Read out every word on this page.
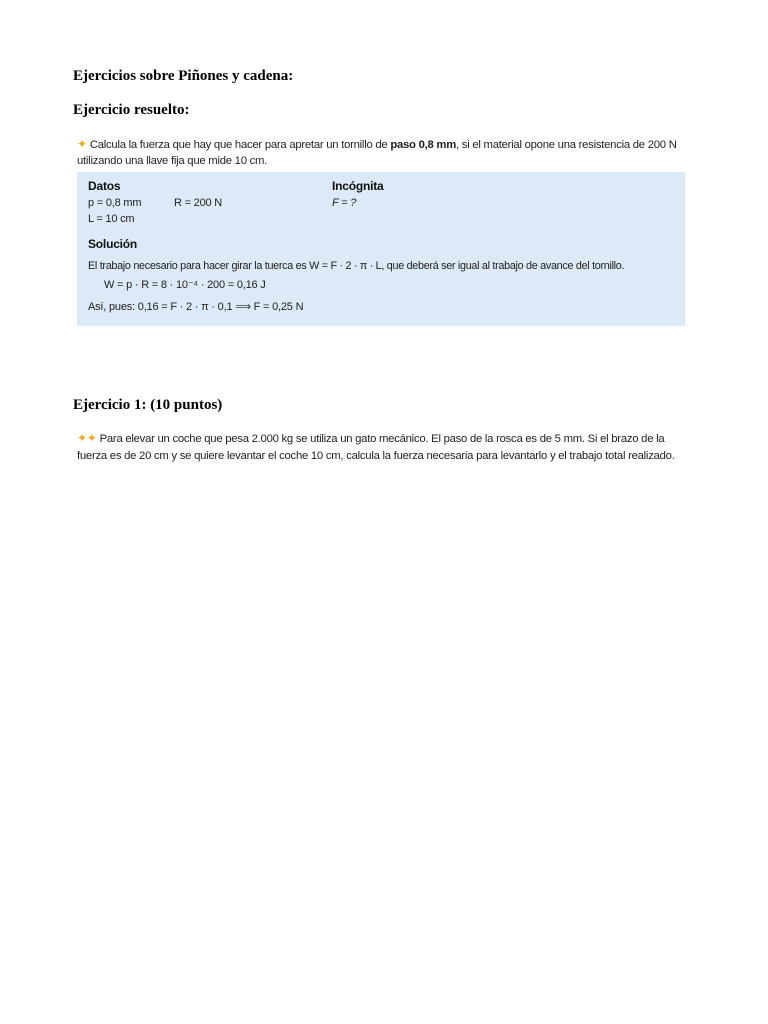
Ejercicios sobre Piñones y cadena:
Ejercicio resuelto:
✦ Calcula la fuerza que hay que hacer para apretar un tornillo de paso 0,8 mm, si el material opone una resistencia de 200 N utilizando una llave fija que mide 10 cm.
Datos
p = 0,8 mm	R = 200 N
L = 10 cm
Incógnita
F = ?
Solución
El trabajo necesario para hacer girar la tuerca es W = F · 2 · π · L, que deberá ser igual al trabajo de avance del tornillo.
W = p · R = 8 · 10⁻⁴ · 200 = 0,16 J
Así, pues: 0,16 = F · 2 · π · 0,1 ⟹ F = 0,25 N
Ejercicio 1: (10 puntos)
✦✦ Para elevar un coche que pesa 2.000 kg se utiliza un gato mecánico. El paso de la rosca es de 5 mm. Si el brazo de la fuerza es de 20 cm y se quiere levantar el coche 10 cm, calcula la fuerza necesaria para levantarlo y el trabajo total realizado.
